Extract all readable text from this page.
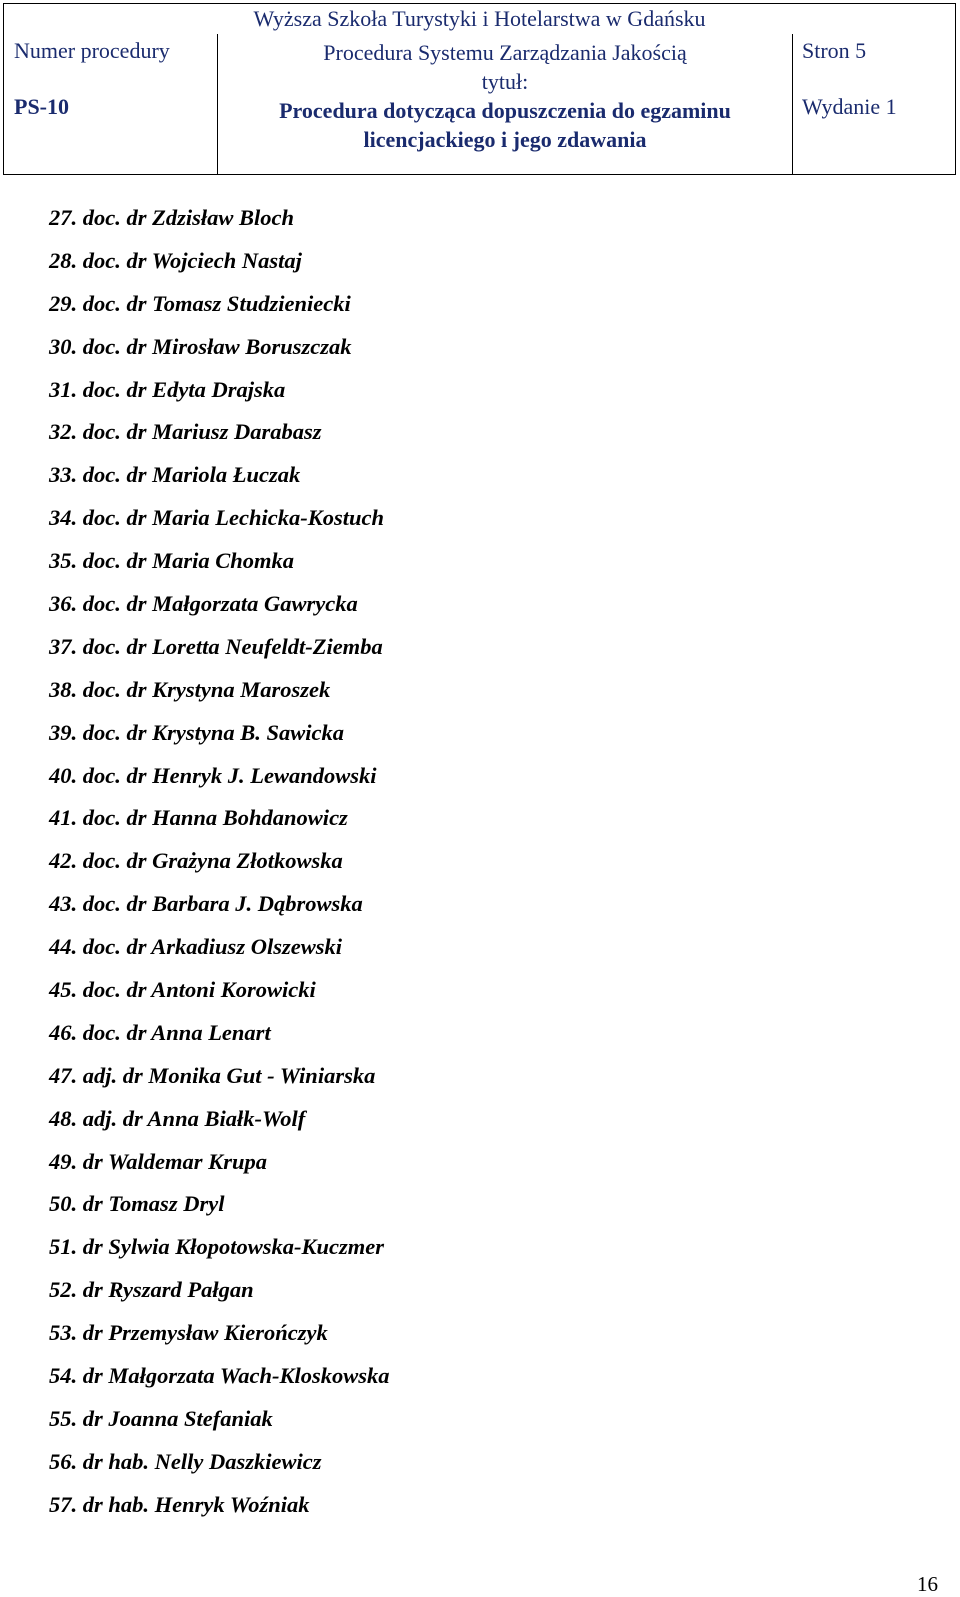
Wyższa Szkoła Turystyki i Hotelarstwa w Gdańsku
Numer procedury
PS-10
Procedura Systemu Zarządzania Jakością
tytuł:
Procedura dotycząca dopuszczenia do egzaminu
licencjackiego i jego zdawania
Stron 5
Wydanie 1
27. doc. dr Zdzisław Bloch
28. doc. dr Wojciech Nastaj
29. doc. dr Tomasz Studzieniecki
30. doc. dr Mirosław Boruszczak
31. doc. dr Edyta Drajska
32. doc. dr Mariusz Darabasz
33. doc. dr Mariola Łuczak
34. doc. dr Maria Lechicka-Kostuch
35. doc. dr Maria Chomka
36. doc. dr Małgorzata Gawrycka
37. doc. dr Loretta Neufeldt-Ziemba
38. doc. dr Krystyna Maroszek
39. doc. dr Krystyna B. Sawicka
40. doc. dr Henryk J. Lewandowski
41. doc. dr Hanna Bohdanowicz
42. doc. dr Grażyna Złotkowska
43. doc. dr Barbara J. Dąbrowska
44. doc. dr Arkadiusz Olszewski
45. doc. dr Antoni Korowicki
46. doc. dr Anna Lenart
47. adj. dr Monika Gut - Winiarska
48. adj. dr Anna Białk-Wolf
49. dr Waldemar Krupa
50. dr Tomasz Dryl
51. dr Sylwia Kłopotowska-Kuczmer
52. dr Ryszard Pałgan
53. dr Przemysław Kierończyk
54. dr Małgorzata Wach-Kloskowska
55. dr Joanna Stefaniak
56. dr hab. Nelly Daszkiewicz
57. dr hab. Henryk Woźniak
16
